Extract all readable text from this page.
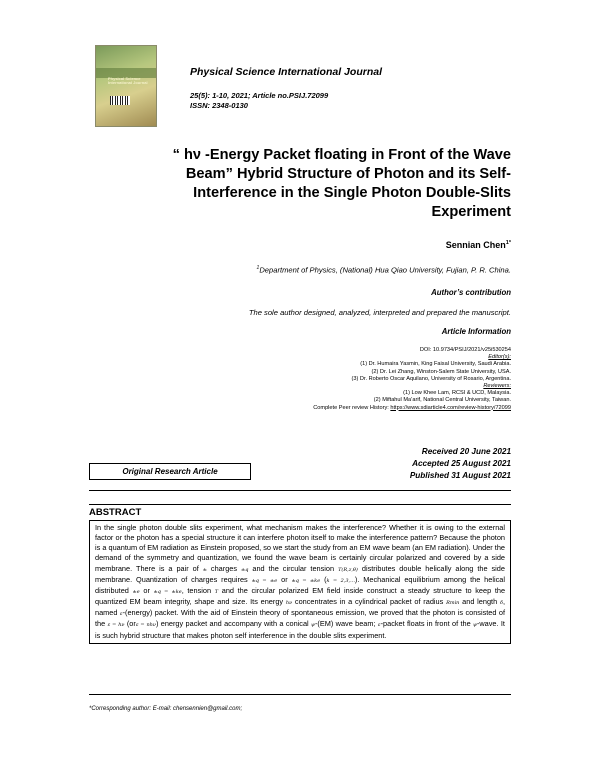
Physical Science International Journal
Physical Science International Journal
25(5): 1-10, 2021; Article no.PSIJ.72099
ISSN: 2348-0130
“ hν -Energy Packet floating in Front of the Wave
Beam” Hybrid Structure of Photon and its Self-
Interference in the Single Photon Double-Slits
Experiment
Sennian Chen$^{1*}$
$^1$Department of Physics, (National) Hua Qiao University, Fujian, P. R. China.
Author’s contribution
The sole author designed, analyzed, interpreted and prepared the manuscript.
Article Information
DOI: 10.9734/PSIJ/2021/v25i530254
Editor(s):
(1) Dr. Humaira Yasmin, King Faisal University, Saudi Arabia.
(2) Dr. Lei Zhang, Winston-Salem State University, USA.
(3) Dr. Roberto Oscar Aquilano, University of Rosario, Argentina.
Reviewers:
(1) Low Khee Lam, RCSI & UCD, Malaysia.
(2) Miftahul Ma’arif, National Central University, Taiwan.
Complete Peer review History: https://www.sdiarticle4.com/review-history/72099
Original Research Article
Received 20 June 2021
Accepted 25 August 2021
Published 31 August 2021
ABSTRACT
In the single photon double slits experiment, what mechanism makes the interference? Whether it is owing to the external factor or the photon has a special structure it can interfere photon itself to make the interference pattern? Because the photon is a quantum of EM radiation as Einstein proposed, so we start the study from an EM wave beam (an EM radiation). Under the demand of the symmetry and quantization, we found the wave beam is certainly circular polarized and covered by a side membrane. There is a pair of ± charges ±q and the circular tension T(R,z,θ) distributes double helically along the side membrane. Quantization of charges requires ±q = ±e or ±q = ±ke (k = 2,3,...). Mechanical equilibrium among the helical distributed ±e or ±q = ±ke, tension T and the circular polarized EM field inside construct a steady structure to keep the quantized EM beam integrity, shape and size. Its energy hν concentrates in a cylindrical packet of radius Rmin and length δ, named ε-(energy) packet. With the aid of Einstein theory of spontaneous emission, we proved that the photon is consisted of the ε = hν (orε = nhν) energy packet and accompany with a conical ψ-(EM) wave beam; ε-packet floats in front of the ψ-wave. It is such hybrid structure that makes photon self interference in the double slits experiment.
*Corresponding author: E-mail: chensennien@gmail.com;
